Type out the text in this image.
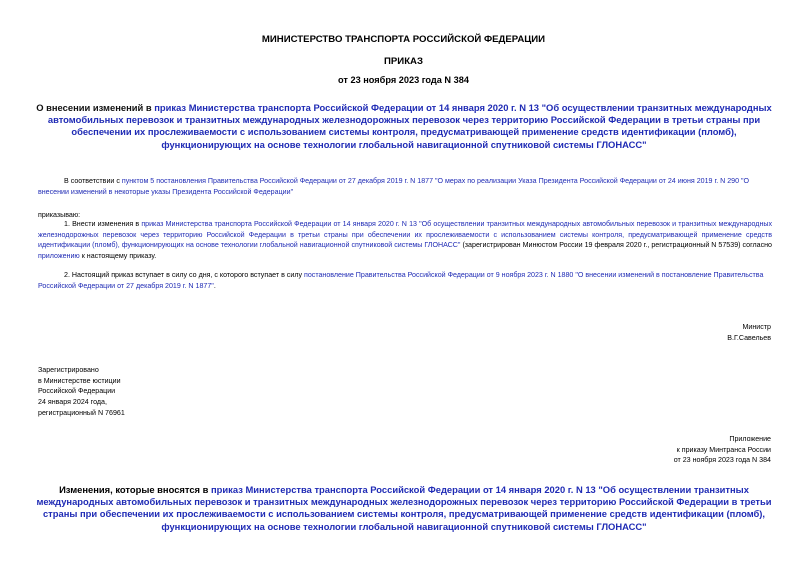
МИНИСТЕРСТВО ТРАНСПОРТА РОССИЙСКОЙ ФЕДЕРАЦИИ
ПРИКАЗ
от 23 ноября 2023 года N 384
О внесении изменений в приказ Министерства транспорта Российской Федерации от 14 января 2020 г. N 13 "Об осуществлении транзитных международных автомобильных перевозок и транзитных международных железнодорожных перевозок через территорию Российской Федерации в третьи страны при обеспечении их прослеживаемости с использованием системы контроля, предусматривающей применение средств идентификации (пломб), функционирующих на основе технологии глобальной навигационной спутниковой системы ГЛОНАСС"
В соответствии с пунктом 5 постановления Правительства Российской Федерации от 27 декабря 2019 г. N 1877 "О мерах по реализации Указа Президента Российской Федерации от 24 июня 2019 г. N 290 "О внесении изменений в некоторые указы Президента Российской Федерации"
приказываю:
1. Внести изменения в приказ Министерства транспорта Российской Федерации от 14 января 2020 г. N 13 "Об осуществлении транзитных международных автомобильных перевозок и транзитных международных железнодорожных перевозок через территорию Российской Федерации в третьи страны при обеспечении их прослеживаемости с использованием системы контроля, предусматривающей применение средств идентификации (пломб), функционирующих на основе технологии глобальной навигационной спутниковой системы ГЛОНАСС" (зарегистрирован Минюстом России 19 февраля 2020 г., регистрационный N 57539) согласно приложению к настоящему приказу.
2. Настоящий приказ вступает в силу со дня, с которого вступает в силу постановление Правительства Российской Федерации от 9 ноября 2023 г. N 1880 "О внесении изменений в постановление Правительства Российской Федерации от 27 декабря 2019 г. N 1877".
Министр
В.Г.Савельев
Зарегистрировано
в Министерстве юстиции
Российской Федерации
24 января 2024 года,
регистрационный N 76961
Приложение
к приказу Минтранса России
от 23 ноября 2023 года N 384
Изменения, которые вносятся в приказ Министерства транспорта Российской Федерации от 14 января 2020 г. N 13 "Об осуществлении транзитных международных автомобильных перевозок и транзитных международных железнодорожных перевозок через территорию Российской Федерации в третьи страны при обеспечении их прослеживаемости с использованием системы контроля, предусматривающей применение средств идентификации (пломб), функционирующих на основе технологии глобальной навигационной спутниковой системы ГЛОНАСС"
